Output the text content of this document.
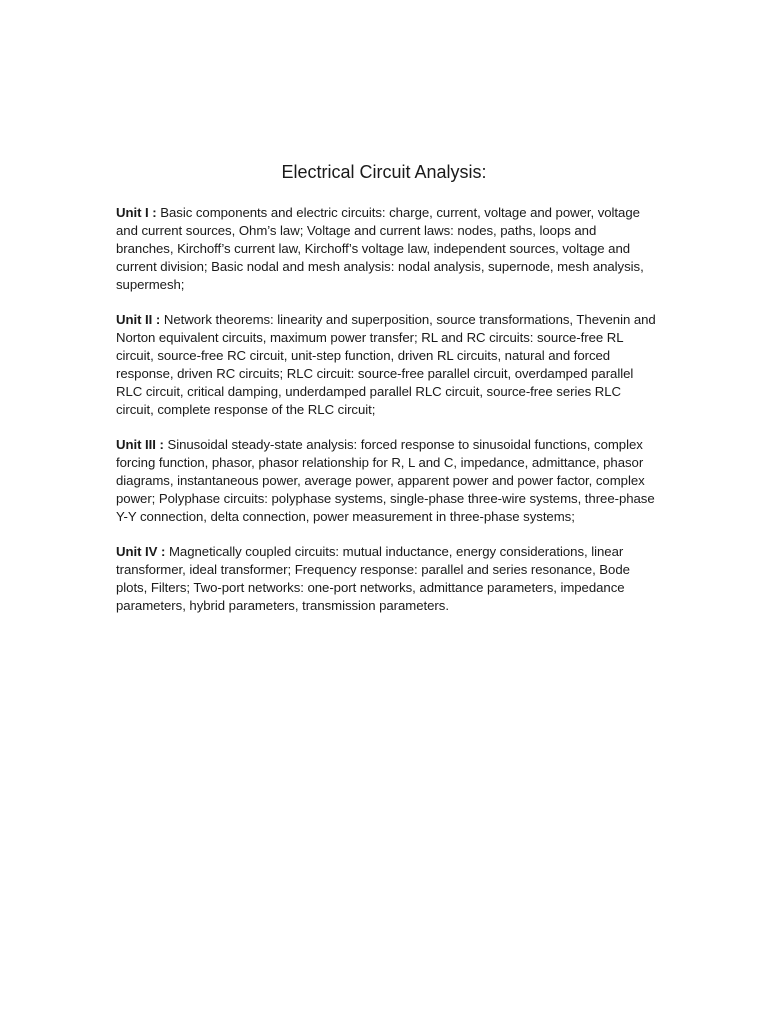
Electrical Circuit Analysis:

Unit I : Basic components and electric circuits: charge, current, voltage and power, voltage and current sources, Ohm’s law; Voltage and current laws: nodes, paths, loops and branches, Kirchoff’s current law, Kirchoff’s voltage law, independent sources, voltage and current division; Basic nodal and mesh analysis: nodal analysis, supernode, mesh analysis, supermesh;

Unit II : Network theorems: linearity and superposition, source transformations, Thevenin and Norton equivalent circuits, maximum power transfer; RL and RC circuits: source-free RL circuit, source-free RC circuit, unit-step function, driven RL circuits, natural and forced response, driven RC circuits; RLC circuit: source-free parallel circuit, overdamped parallel RLC circuit, critical damping, underdamped parallel RLC circuit, source-free series RLC circuit, complete response of the RLC circuit;

Unit III : Sinusoidal steady-state analysis: forced response to sinusoidal functions, complex forcing function, phasor, phasor relationship for R, L and C, impedance, admittance, phasor diagrams, instantaneous power, average power, apparent power and power factor, complex power; Polyphase circuits: polyphase systems, single-phase three-wire systems, three-phase Y-Y connection, delta connection, power measurement in three-phase systems;

Unit IV : Magnetically coupled circuits: mutual inductance, energy considerations, linear transformer, ideal transformer; Frequency response: parallel and series resonance, Bode plots, Filters; Two-port networks: one-port networks, admittance parameters, impedance parameters, hybrid parameters, transmission parameters.
